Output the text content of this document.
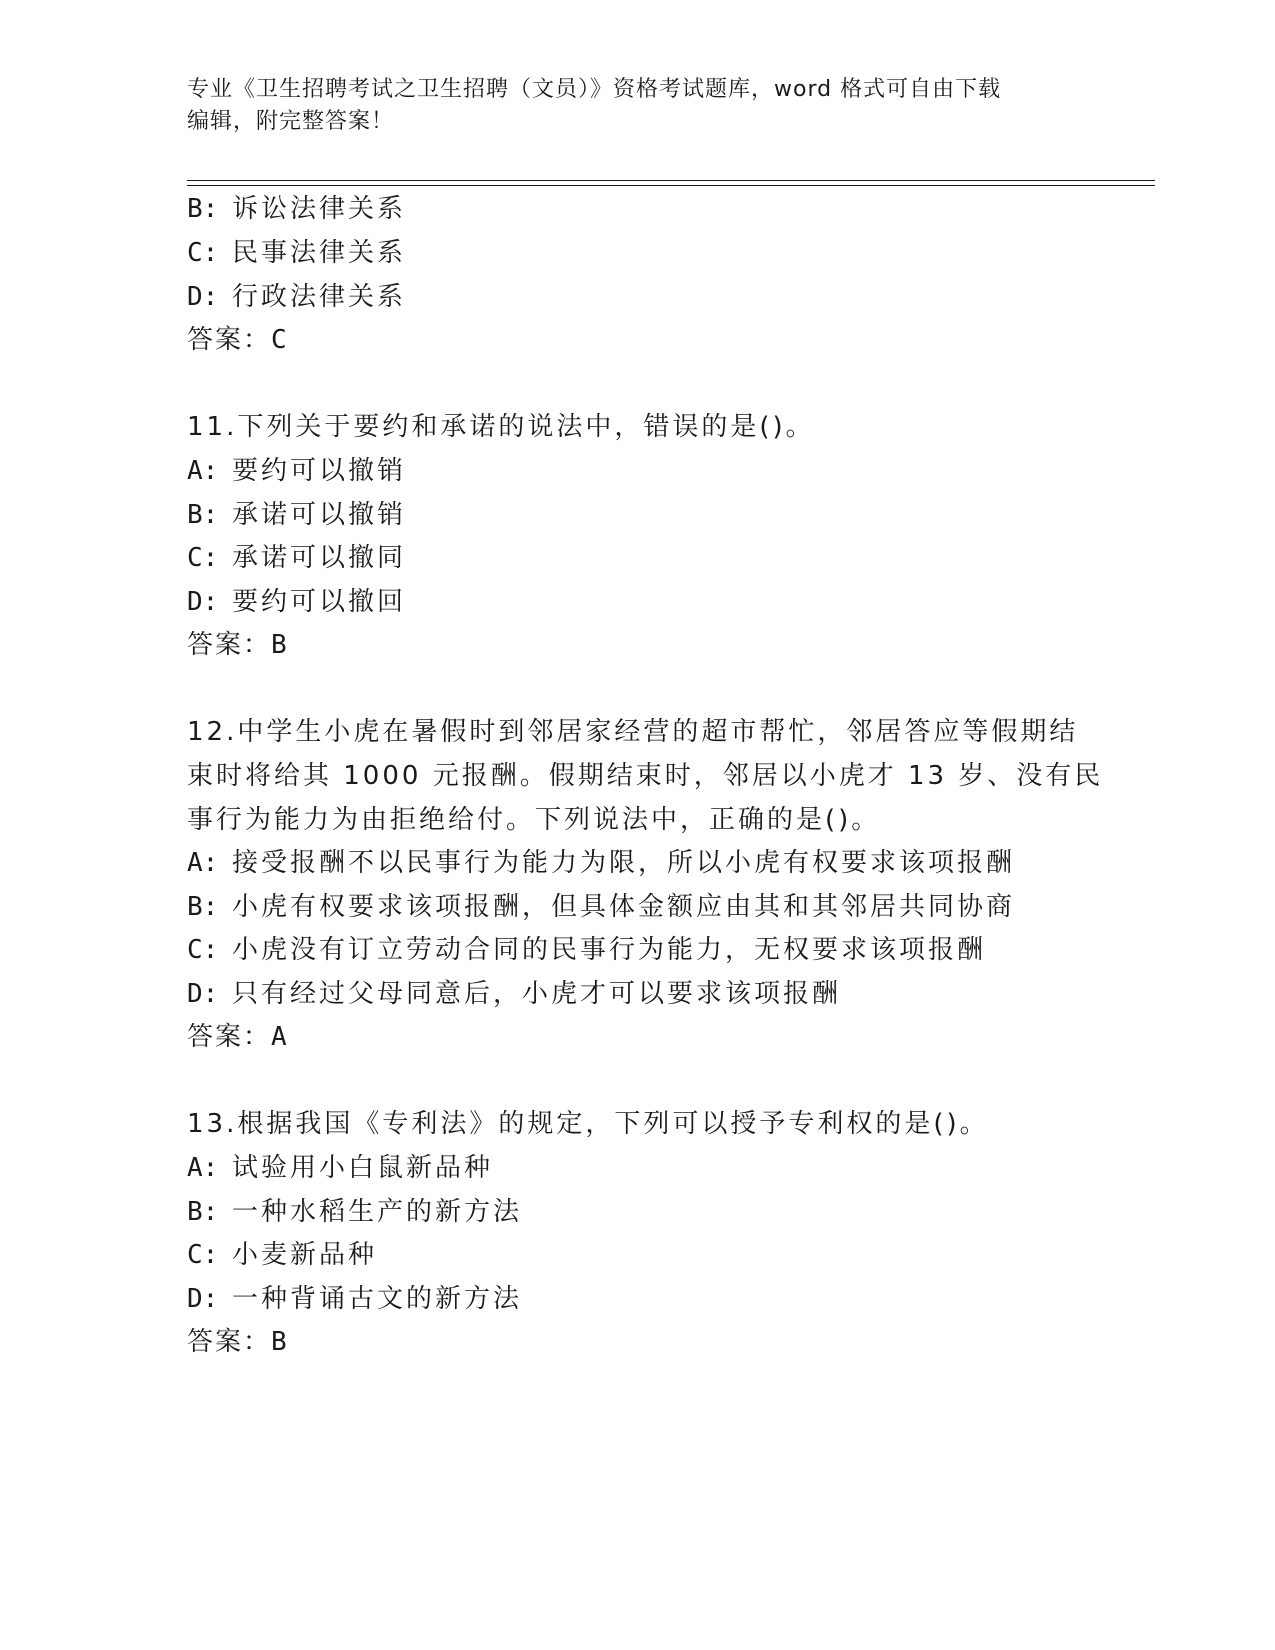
专业《卫生招聘考试之卫生招聘（文员）》资格考试题库，word 格式可自由下载
编辑，附完整答案！
B: 诉讼法律关系
C: 民事法律关系
D: 行政法律关系
答案：C
11.下列关于要约和承诺的说法中，错误的是()。
A: 要约可以撤销
B: 承诺可以撤销
C: 承诺可以撤同
D: 要约可以撤回
答案：B
12.中学生小虎在暑假时到邻居家经营的超市帮忙，邻居答应等假期结
束时将给其 1000 元报酬。假期结束时，邻居以小虎才 13 岁、没有民
事行为能力为由拒绝给付。下列说法中，正确的是()。
A: 接受报酬不以民事行为能力为限，所以小虎有权要求该项报酬
B: 小虎有权要求该项报酬，但具体金额应由其和其邻居共同协商
C: 小虎没有订立劳动合同的民事行为能力，无权要求该项报酬
D: 只有经过父母同意后，小虎才可以要求该项报酬
答案：A
13.根据我国《专利法》的规定，下列可以授予专利权的是()。
A: 试验用小白鼠新品种
B: 一种水稻生产的新方法
C: 小麦新品种
D: 一种背诵古文的新方法
答案：B
